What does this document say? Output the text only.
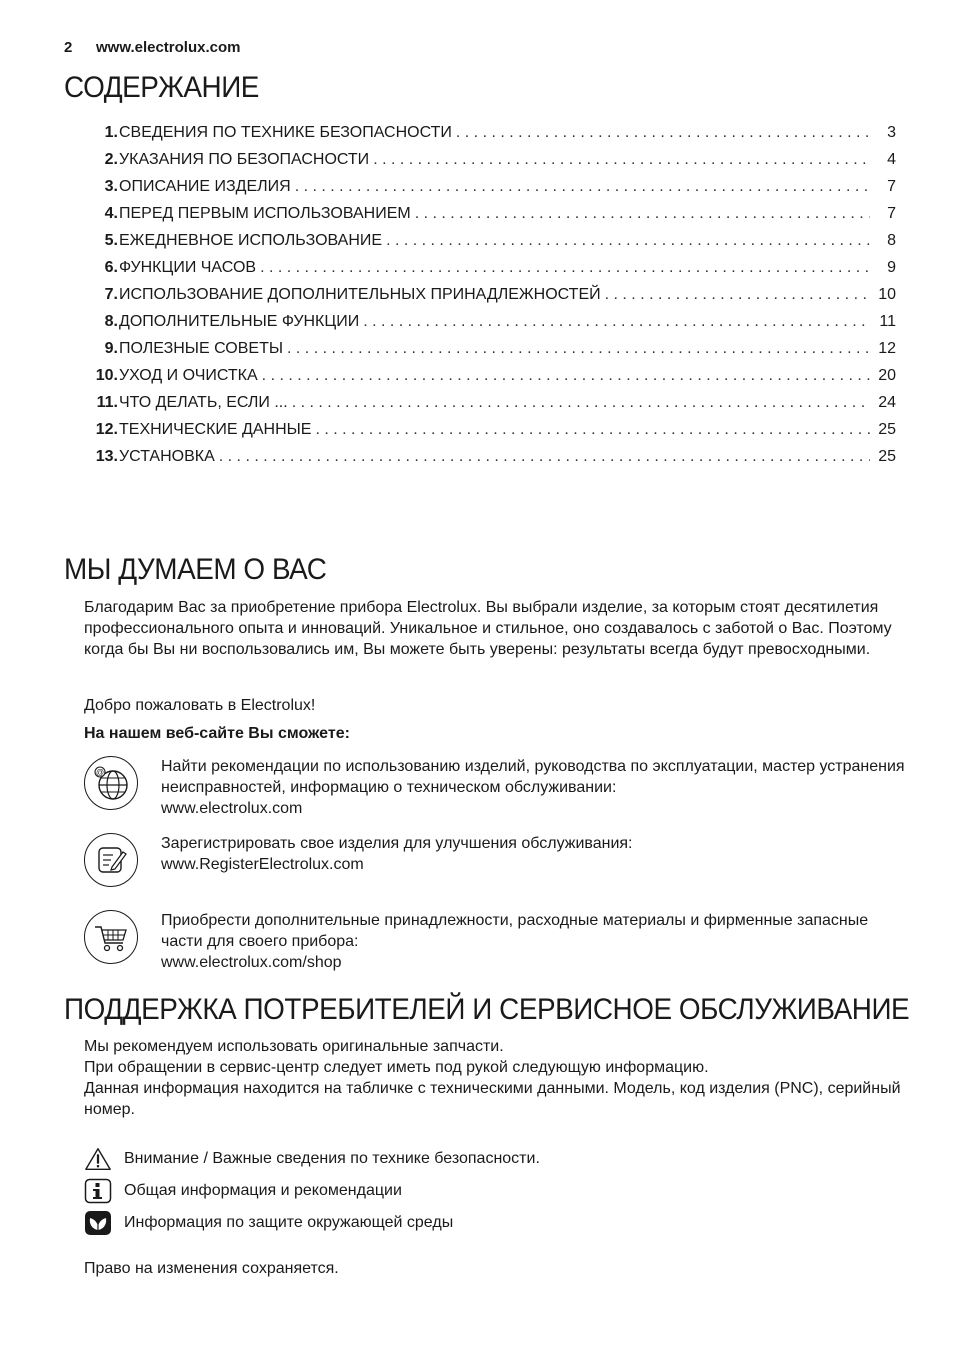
2 www.electrolux.com
СОДЕРЖАНИЕ
1. СВЕДЕНИЯ ПО ТЕХНИКЕ БЕЗОПАСНОСТИ . . .	3
2. УКАЗАНИЯ ПО БЕЗОПАСНОСТИ . . .	4
3. ОПИСАНИЕ ИЗДЕЛИЯ . . .	7
4. ПЕРЕД ПЕРВЫМ ИСПОЛЬЗОВАНИЕМ . . .	7
5. ЕЖЕДНЕВНОЕ ИСПОЛЬЗОВАНИЕ . . .	8
6. ФУНКЦИИ ЧАСОВ . . .	9
7. ИСПОЛЬЗОВАНИЕ ДОПОЛНИТЕЛЬНЫХ ПРИНАДЛЕЖНОСТЕЙ . . .	10
8. ДОПОЛНИТЕЛЬНЫЕ ФУНКЦИИ . . .	11
9. ПОЛЕЗНЫЕ СОВЕТЫ . . .	12
10. УХОД И ОЧИСТКА . . .	20
11. ЧТО ДЕЛАТЬ, ЕСЛИ ... . . .	24
12. ТЕХНИЧЕСКИЕ ДАННЫЕ . . .	25
13. УСТАНОВКА . . .	25
МЫ ДУМАЕМ О ВАС

Благодарим Вас за приобретение прибора Electrolux. Вы выбрали изделие, за которым стоят десятилетия профессионального опыта и инноваций. Уникальное и стильное, оно создавалось с заботой о Вас. Поэтому когда бы Вы ни воспользовались им, Вы можете быть уверены: результаты всегда будут превосходными.

Добро пожаловать в Electrolux!

На нашем веб-сайте Вы сможете:

@	Найти рекомендации по использованию изделий, руководства по эксплуатации, мастер устранения неисправностей, информацию о техническом обслуживании:
www.electrolux.com
Зарегистрировать свое изделия для улучшения обслуживания:
www.RegisterElectrolux.com
Приобрести дополнительные принадлежности, расходные материалы и фирменные запасные части для своего прибора:
www.electrolux.com/shop
ПОДДЕРЖКА ПОТРЕБИТЕЛЕЙ И СЕРВИСНОЕ ОБСЛУЖИВАНИЕ
Мы рекомендуем использовать оригинальные запчасти.
При обращении в сервис-центр следует иметь под рукой следующую информацию.
Данная информация находится на табличке с техническими данными. Модель, код изделия (PNC), серийный номер.
Внимание / Важные сведения по технике безопасности.
Общая информация и рекомендации
Информация по защите окружающей среды

Право на изменения сохраняется.
